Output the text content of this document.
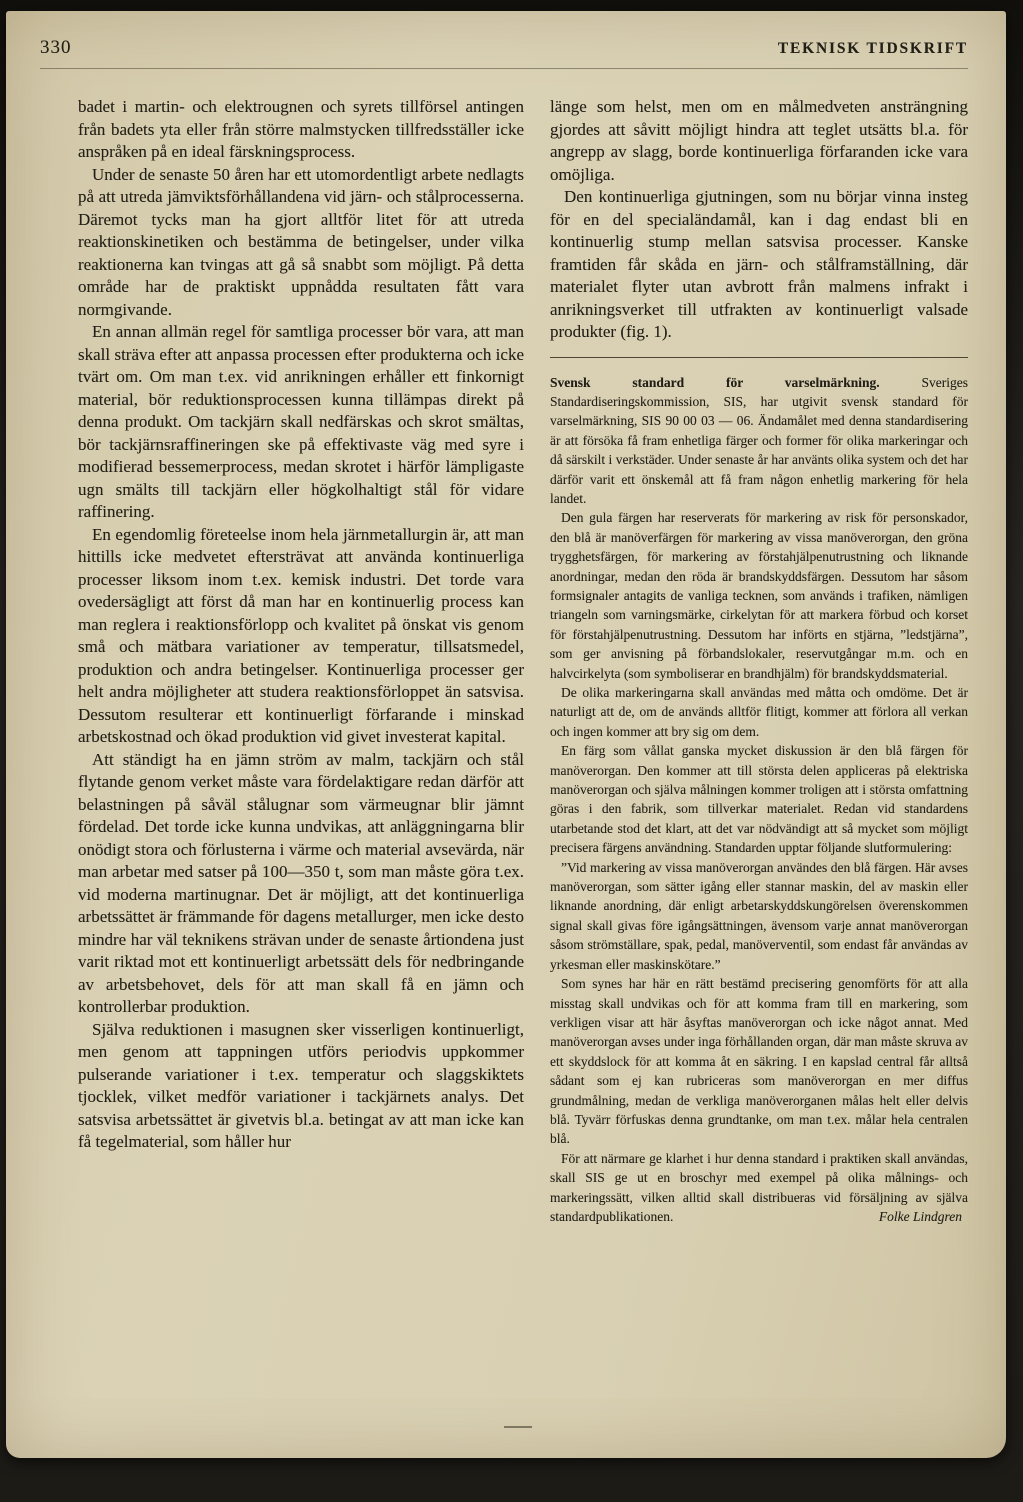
330	TEKNISK TIDSKRIFT

badet i martin- och elektrougnen och syrets tillförsel antingen från badets yta eller från större malmstycken tillfredsställer icke anspråken på en ideal färskningsprocess.

Under de senaste 50 åren har ett utomordentligt arbete nedlagts på att utreda jämviktsförhållandena vid järn- och stålprocesserna. Däremot tycks man ha gjort alltför litet för att utreda reaktionskinetiken och bestämma de betingelser, under vilka reaktionerna kan tvingas att gå så snabbt som möjligt. På detta område har de praktiskt uppnådda resultaten fått vara normgivande.

En annan allmän regel för samtliga processer bör vara, att man skall sträva efter att anpassa processen efter produkterna och icke tvärt om. Om man t.ex. vid anrikningen erhåller ett finkornigt material, bör reduktionsprocessen kunna tillämpas direkt på denna produkt. Om tackjärn skall nedfärskas och skrot smältas, bör tackjärnsraffineringen ske på effektivaste väg med syre i modifierad bessemerprocess, medan skrotet i härför lämpligaste ugn smälts till tackjärn eller högkolhaltigt stål för vidare raffinering.

En egendomlig företeelse inom hela järnmetallurgin är, att man hittills icke medvetet eftersträvat att använda kontinuerliga processer liksom inom t.ex. kemisk industri. Det torde vara ovedersägligt att först då man har en kontinuerlig process kan man reglera i reaktionsförlopp och kvalitet på önskat vis genom små och mätbara variationer av temperatur, tillsatsmedel, produktion och andra betingelser. Kontinuerliga processer ger helt andra möjligheter att studera reaktionsförloppet än satsvisa. Dessutom resulterar ett kontinuerligt förfarande i minskad arbetskostnad och ökad produktion vid givet investerat kapital.

Att ständigt ha en jämn ström av malm, tackjärn och stål flytande genom verket måste vara fördelaktigare redan därför att belastningen på såväl stålugnar som värmeugnar blir jämnt fördelad. Det torde icke kunna undvikas, att anläggningarna blir onödigt stora och förlusterna i värme och material avsevärda, när man arbetar med satser på 100—350 t, som man måste göra t.ex. vid moderna martinugnar. Det är möjligt, att det kontinuerliga arbetssättet är främmande för dagens metallurger, men icke desto mindre har väl teknikens strävan under de senaste årtiondena just varit riktad mot ett kontinuerligt arbetssätt dels för nedbringande av arbetsbehovet, dels för att man skall få en jämn och kontrollerbar produktion.

Själva reduktionen i masugnen sker visserligen kontinuerligt, men genom att tappningen utförs periodvis uppkommer pulserande variationer i t.ex. temperatur och slaggskiktets tjocklek, vilket medför variationer i tackjärnets analys. Det satsvisa arbetssättet är givetvis bl.a. betingat av att man icke kan få tegelmaterial, som håller hur

länge som helst, men om en målmedveten ansträngning gjordes att såvitt möjligt hindra att teglet utsätts bl.a. för angrepp av slagg, borde kontinuerliga förfaranden icke vara omöjliga.

Den kontinuerliga gjutningen, som nu börjar vinna insteg för en del specialändamål, kan i dag endast bli en kontinuerlig stump mellan satsvisa processer. Kanske framtiden får skåda en järn- och stålframställning, där materialet flyter utan avbrott från malmens infrakt i anrikningsverket till utfrakten av kontinuerligt valsade produkter (fig. 1).

Svensk standard för varselmärkning.	Sveriges Standardiseringskommission, SIS, har utgivit svensk standard för varselmärkning, SIS 90 00 03 — 06. Ändamålet med denna standardisering är att försöka få fram enhetliga färger och former för olika markeringar och då särskilt i verkstäder. Under senaste år har använts olika system och det har därför varit ett önskemål att få fram någon enhetlig markering för hela landet.

Den gula färgen har reserverats för markering av risk för personskador, den blå är manöverfärgen för markering av vissa manöverorgan, den gröna trygghetsfärgen, för markering av förstahjälpenutrustning och liknande anordningar, medan den röda är brandskyddsfärgen. Dessutom har såsom formsignaler antagits de vanliga tecknen, som används i trafiken, nämligen triangeln som varningsmärke, cirkelytan för att markera förbud och korset för förstahjälpenutrustning. Dessutom har införts en stjärna, ”ledstjärna”, som ger anvisning på förbandslokaler, reservutgångar m.m. och en halvcirkelyta (som symboliserar en brandhjälm) för brandskyddsmaterial.

De olika markeringarna skall användas med måtta och omdöme. Det är naturligt att de, om de används alltför flitigt, kommer att förlora all verkan och ingen kommer att bry sig om dem.

En färg som vållat ganska mycket diskussion är den blå färgen för manöverorgan. Den kommer att till största delen appliceras på elektriska manöverorgan och själva målningen kommer troligen att i största omfattning göras i den fabrik, som tillverkar materialet. Redan vid standardens utarbetande stod det klart, att det var nödvändigt att så mycket som möjligt precisera färgens användning. Standarden upptar följande slutformulering:

”Vid markering av vissa manöverorgan användes den blå färgen. Här avses manöverorgan, som sätter igång eller stannar maskin, del av maskin eller liknande anordning, där enligt arbetarskyddskungörelsen överenskommen signal skall givas före igångsättningen, ävensom varje annat manöverorgan såsom strömställare, spak, pedal, manöverventil, som endast får användas av yrkesman eller maskinskötare.”

Som synes har här en rätt bestämd precisering genomförts för att alla misstag skall undvikas och för att komma fram till en markering, som verkligen visar att här åsyftas manöverorgan och icke något annat. Med manöverorgan avses under inga förhållanden organ, där man måste skruva av ett skyddslock för att komma åt en säkring. I en kapslad central får alltså sådant som ej kan rubriceras som manöverorgan en mer diffus grundmålning, medan de verkliga manöverorganen målas helt eller delvis blå. Tyvärr förfuskas denna grundtanke, om man t.ex. målar hela centralen blå.

För att närmare ge klarhet i hur denna standard i praktiken skall användas, skall SIS ge ut en broschyr med exempel på olika målnings- och markeringssätt, vilken alltid skall distribueras vid försäljning av själva standardpublikationen.	Folke Lindgren
